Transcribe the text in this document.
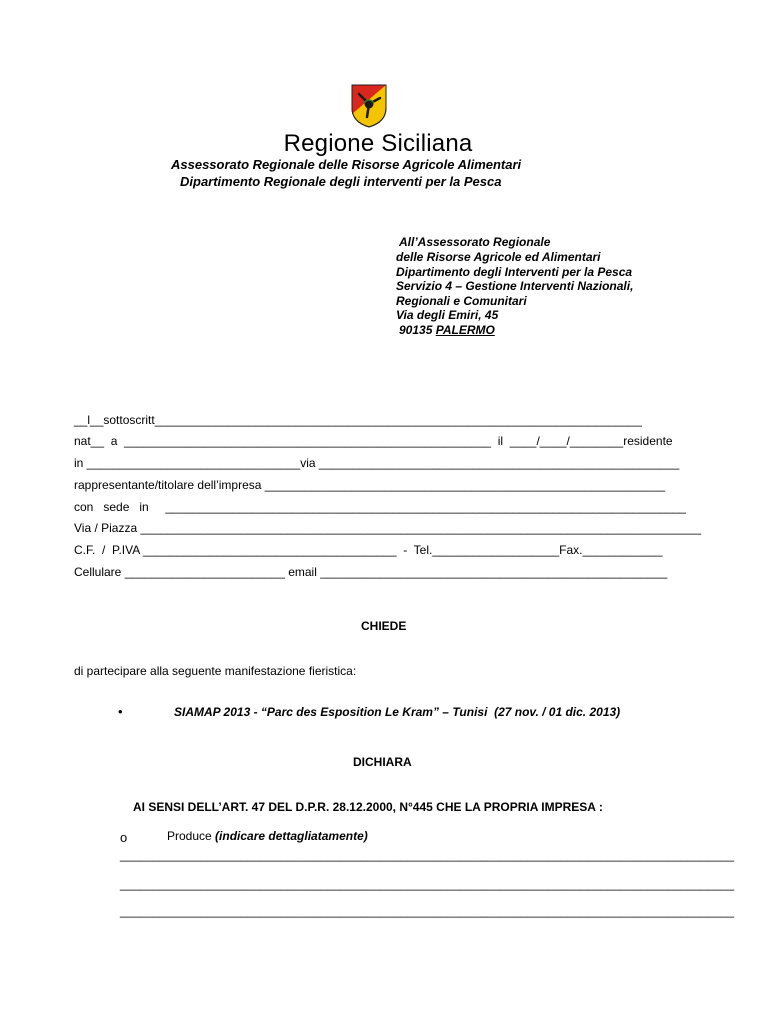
Regione Siciliana
Assessorato Regionale delle Risorse Agricole Alimentari
Dipartimento Regionale degli interventi per la Pesca
All’Assessorato Regionale
delle Risorse Agricole ed Alimentari
Dipartimento degli Interventi per la Pesca
Servizio 4 – Gestione Interventi Nazionali,
Regionali e Comunitari
Via degli Emiri, 45
90135 PALERMO
__l__sottoscritt_________________________________________________________________________
nat__  a  _______________________________________________________  il  ____/____/________residente
in ________________________________via ______________________________________________________
rappresentante/titolare dell’impresa ____________________________________________________________
con   sede   in     ______________________________________________________________________________
Via / Piazza ____________________________________________________________________________________
C.F.  /  P.IVA ______________________________________  -  Tel.___________________Fax.____________
Cellulare ________________________ email ____________________________________________________
CHIEDE
di partecipare alla seguente manifestazione fieristica:
•	SIAMAP 2013 - “Parc des Esposition Le Kram” – Tunisi  (27 nov. / 01 dic. 2013)
DICHIARA
AI SENSI DELL’ART. 47 DEL D.P.R. 28.12.2000, N°445 CHE LA PROPRIA IMPRESA :
o	Produce (indicare dettagliatamente)
____________________________________________________________________________________________
____________________________________________________________________________________________
____________________________________________________________________________________________
